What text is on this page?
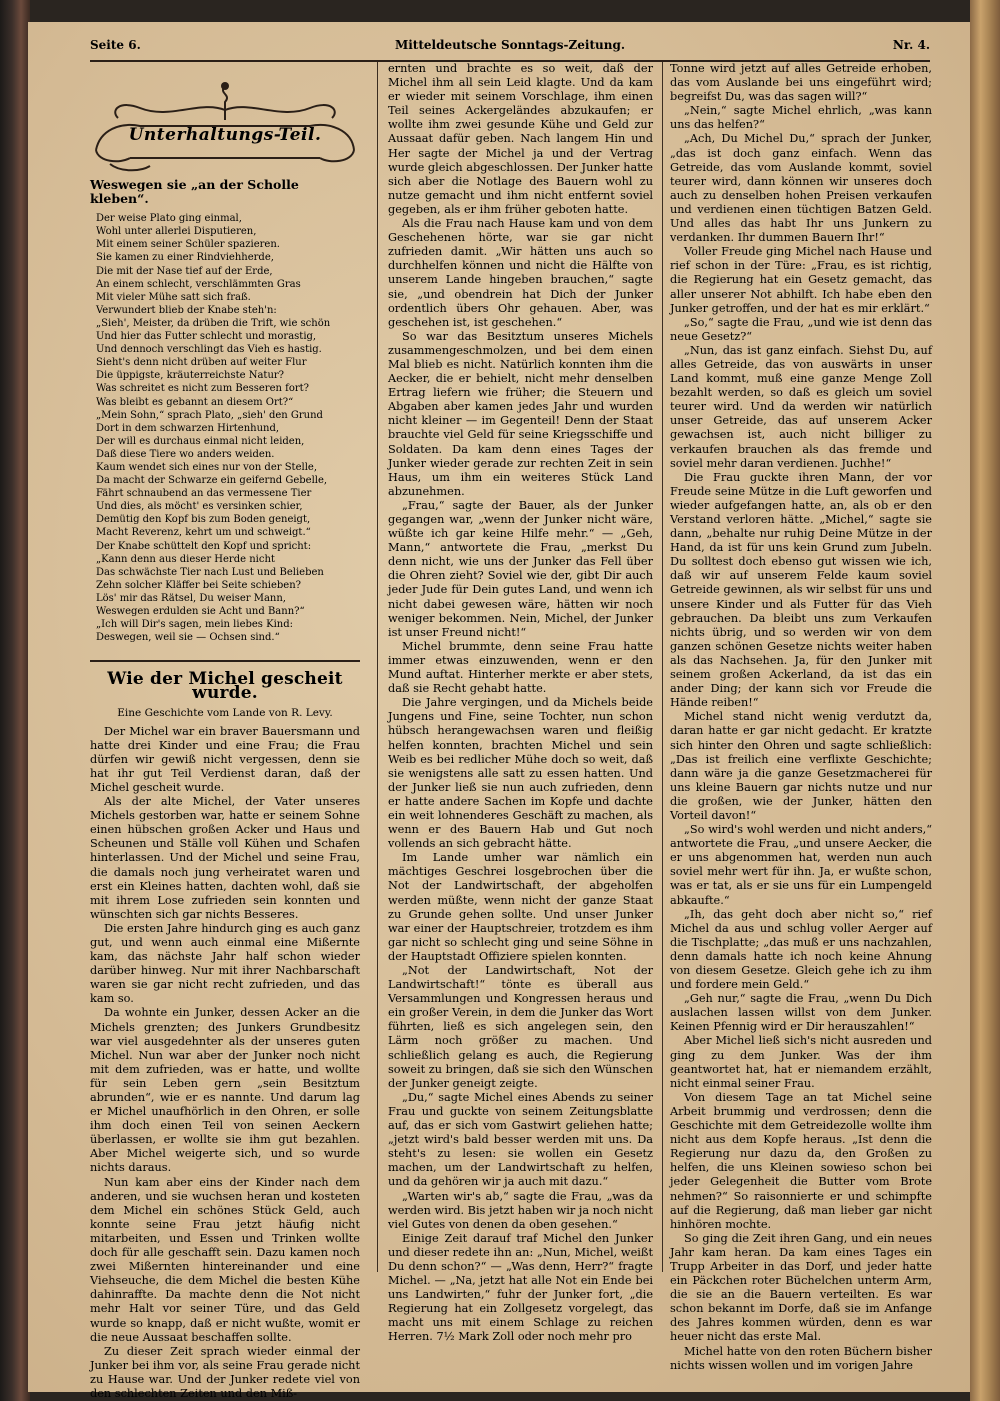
Seite 6.	Mitteldeutsche Sonntags-Zeitung.	Nr. 4.
Unterhaltungs-Teil.
Weswegen sie „an der Scholle kleben“.
Der weise Plato ging einmal,
Wohl unter allerlei Disputieren,
Mit einem seiner Schüler spazieren.
Sie kamen zu einer Rindviehherde,
Die mit der Nase tief auf der Erde,
An einem schlecht, verschlämmten Gras
Mit vieler Mühe satt sich fraß.
Verwundert blieb der Knabe steh'n:
„Sieh', Meister, da drüben die Trift, wie schön
Und hier das Futter schlecht und morastig,
Und dennoch verschlingt das Vieh es hastig.
Sieht's denn nicht drüben auf weiter Flur
Die üppigste, kräuterreichste Natur?
Was schreitet es nicht zum Besseren fort?
Was bleibt es gebannt an diesem Ort?“
„Mein Sohn,“ sprach Plato, „sieh' den Grund
Dort in dem schwarzen Hirtenhund,
Der will es durchaus einmal nicht leiden,
Daß diese Tiere wo anders weiden.
Kaum wendet sich eines nur von der Stelle,
Da macht der Schwarze ein geifernd Gebelle,
Fährt schnaubend an das vermessene Tier
Und dies, als möcht' es versinken schier,
Demütig den Kopf bis zum Boden geneigt,
Macht Reverenz, kehrt um und schweigt.“
Der Knabe schüttelt den Kopf und spricht:
„Kann denn aus dieser Herde nicht
Das schwächste Tier nach Lust und Belieben
Zehn solcher Kläffer bei Seite schieben?
Lös' mir das Rätsel, Du weiser Mann,
Weswegen erdulden sie Acht und Bann?“
„Ich will Dir's sagen, mein liebes Kind:
Deswegen, weil sie — Ochsen sind.“
Wie der Michel gescheit wurde.
Eine Geschichte vom Lande von R. Levy.

Der Michel war ein braver Bauersmann und hatte drei Kinder und eine Frau; die Frau dürfen wir gewiß nicht vergessen, denn sie hat ihr gut Teil Verdienst daran, daß der Michel gescheit wurde.

Als der alte Michel, der Vater unseres Michels gestorben war, hatte er seinem Sohne einen hübschen großen Acker und Haus und Scheunen und Ställe voll Kühen und Schafen hinterlassen. Und der Michel und seine Frau, die damals noch jung verheiratet waren und erst ein Kleines hatten, dachten wohl, daß sie mit ihrem Lose zufrieden sein konnten und wünschten sich gar nichts Besseres.

Die ersten Jahre hindurch ging es auch ganz gut, und wenn auch einmal eine Mißernte kam, das nächste Jahr half schon wieder darüber hinweg. Nur mit ihrer Nachbarschaft waren sie gar nicht recht zufrieden, und das kam so.

Da wohnte ein Junker, dessen Acker an die Michels grenzten; des Junkers Grundbesitz war viel ausgedehnter als der unseres guten Michel. Nun war aber der Junker noch nicht mit dem zufrieden, was er hatte, und wollte für sein Leben gern „sein Besitztum abrunden“, wie er es nannte. Und darum lag er Michel unaufhörlich in den Ohren, er solle ihm doch einen Teil von seinen Aeckern überlassen, er wollte sie ihm gut bezahlen. Aber Michel weigerte sich, und so wurde nichts daraus.

Nun kam aber eins der Kinder nach dem anderen, und sie wuchsen heran und kosteten dem Michel ein schönes Stück Geld, auch konnte seine Frau jetzt häufig nicht mitarbeiten, und Essen und Trinken wollte doch für alle geschafft sein. Dazu kamen noch zwei Mißernten hintereinander und eine Viehseuche, die dem Michel die besten Kühe dahinraffte. Da machte denn die Not nicht mehr Halt vor seiner Türe, und das Geld wurde so knapp, daß er nicht wußte, womit er die neue Aussaat beschaffen sollte.

Zu dieser Zeit sprach wieder einmal der Junker bei ihm vor, als seine Frau gerade nicht zu Hause war. Und der Junker redete viel von den schlechten Zeiten und den Miß-

ernten und brachte es so weit, daß der Michel ihm all sein Leid klagte. Und da kam er wieder mit seinem Vorschlage, ihm einen Teil seines Ackergeländes abzukaufen; er wollte ihm zwei gesunde Kühe und Geld zur Aussaat dafür geben. Nach langem Hin und Her sagte der Michel ja und der Vertrag wurde gleich abgeschlossen. Der Junker hatte sich aber die Notlage des Bauern wohl zu nutze gemacht und ihm nicht entfernt soviel gegeben, als er ihm früher geboten hatte.

Als die Frau nach Hause kam und von dem Geschehenen hörte, war sie gar nicht zufrieden damit. „Wir hätten uns auch so durchhelfen können und nicht die Hälfte von unserem Lande hingeben brauchen,“ sagte sie, „und obendrein hat Dich der Junker ordentlich übers Ohr gehauen. Aber, was geschehen ist, ist geschehen.“

So war das Besitztum unseres Michels zusammengeschmolzen, und bei dem einen Mal blieb es nicht. Natürlich konnten ihm die Aecker, die er behielt, nicht mehr denselben Ertrag liefern wie früher; die Steuern und Abgaben aber kamen jedes Jahr und wurden nicht kleiner — im Gegenteil! Denn der Staat brauchte viel Geld für seine Kriegsschiffe und Soldaten. Da kam denn eines Tages der Junker wieder gerade zur rechten Zeit in sein Haus, um ihm ein weiteres Stück Land abzunehmen.

„Frau,“ sagte der Bauer, als der Junker gegangen war, „wenn der Junker nicht wäre, wüßte ich gar keine Hilfe mehr.“ — „Geh, Mann,“ antwortete die Frau, „merkst Du denn nicht, wie uns der Junker das Fell über die Ohren zieht? Soviel wie der, gibt Dir auch jeder Jude für Dein gutes Land, und wenn ich nicht dabei gewesen wäre, hätten wir noch weniger bekommen. Nein, Michel, der Junker ist unser Freund nicht!“

Michel brummte, denn seine Frau hatte immer etwas einzuwenden, wenn er den Mund auftat. Hinterher merkte er aber stets, daß sie Recht gehabt hatte.

Die Jahre vergingen, und da Michels beide Jungens und Fine, seine Tochter, nun schon hübsch herangewachsen waren und fleißig helfen konnten, brachten Michel und sein Weib es bei redlicher Mühe doch so weit, daß sie wenigstens alle satt zu essen hatten. Und der Junker ließ sie nun auch zufrieden, denn er hatte andere Sachen im Kopfe und dachte ein weit lohnenderes Geschäft zu machen, als wenn er des Bauern Hab und Gut noch vollends an sich gebracht hätte.

Im Lande umher war nämlich ein mächtiges Geschrei losgebrochen über die Not der Landwirtschaft, der abgeholfen werden müßte, wenn nicht der ganze Staat zu Grunde gehen sollte. Und unser Junker war einer der Hauptschreier, trotzdem es ihm gar nicht so schlecht ging und seine Söhne in der Hauptstadt Offiziere spielen konnten.

„Not der Landwirtschaft, Not der Landwirtschaft!“ tönte es überall aus Versammlungen und Kongressen heraus und ein großer Verein, in dem die Junker das Wort führten, ließ es sich angelegen sein, den Lärm noch größer zu machen. Und schließlich gelang es auch, die Regierung soweit zu bringen, daß sie sich den Wünschen der Junker geneigt zeigte.

„Du,“ sagte Michel eines Abends zu seiner Frau und guckte von seinem Zeitungsblatte auf, das er sich vom Gastwirt geliehen hatte; „jetzt wird's bald besser werden mit uns. Da steht's zu lesen: sie wollen ein Gesetz machen, um der Landwirtschaft zu helfen, und da gehören wir ja auch mit dazu.“

„Warten wir's ab,“ sagte die Frau, „was da werden wird. Bis jetzt haben wir ja noch nicht viel Gutes von denen da oben gesehen.“

Einige Zeit darauf traf Michel den Junker und dieser redete ihn an: „Nun, Michel, weißt Du denn schon?“ — „Was denn, Herr?“ fragte Michel. — „Na, jetzt hat alle Not ein Ende bei uns Landwirten,“ fuhr der Junker fort, „die Regierung hat ein Zollgesetz vorgelegt, das macht uns mit einem Schlage zu reichen Herren. 7½ Mark Zoll oder noch mehr pro

Tonne wird jetzt auf alles Getreide erhoben, das vom Auslande bei uns eingeführt wird; begreifst Du, was das sagen will?“

„Nein,“ sagte Michel ehrlich, „was kann uns das helfen?“

„Ach, Du Michel Du,“ sprach der Junker, „das ist doch ganz einfach. Wenn das Getreide, das vom Auslande kommt, soviel teurer wird, dann können wir unseres doch auch zu denselben hohen Preisen verkaufen und verdienen einen tüchtigen Batzen Geld. Und alles das habt Ihr uns Junkern zu verdanken. Ihr dummen Bauern Ihr!“

Voller Freude ging Michel nach Hause und rief schon in der Türe: „Frau, es ist richtig, die Regierung hat ein Gesetz gemacht, das aller unserer Not abhilft. Ich habe eben den Junker getroffen, und der hat es mir erklärt.“

„So,“ sagte die Frau, „und wie ist denn das neue Gesetz?“

„Nun, das ist ganz einfach. Siehst Du, auf alles Getreide, das von auswärts in unser Land kommt, muß eine ganze Menge Zoll bezahlt werden, so daß es gleich um soviel teurer wird. Und da werden wir natürlich unser Getreide, das auf unserem Acker gewachsen ist, auch nicht billiger zu verkaufen brauchen als das fremde und soviel mehr daran verdienen. Juchhe!“

Die Frau guckte ihren Mann, der vor Freude seine Mütze in die Luft geworfen und wieder aufgefangen hatte, an, als ob er den Verstand verloren hätte. „Michel,“ sagte sie dann, „behalte nur ruhig Deine Mütze in der Hand, da ist für uns kein Grund zum Jubeln. Du solltest doch ebenso gut wissen wie ich, daß wir auf unserem Felde kaum soviel Getreide gewinnen, als wir selbst für uns und unsere Kinder und als Futter für das Vieh gebrauchen. Da bleibt uns zum Verkaufen nichts übrig, und so werden wir von dem ganzen schönen Gesetze nichts weiter haben als das Nachsehen. Ja, für den Junker mit seinem großen Ackerland, da ist das ein ander Ding; der kann sich vor Freude die Hände reiben!“

Michel stand nicht wenig verdutzt da, daran hatte er gar nicht gedacht. Er kratzte sich hinter den Ohren und sagte schließlich: „Das ist freilich eine verflixte Geschichte; dann wäre ja die ganze Gesetzmacherei für uns kleine Bauern gar nichts nutze und nur die großen, wie der Junker, hätten den Vorteil davon!“

„So wird's wohl werden und nicht anders,“ antwortete die Frau, „und unsere Aecker, die er uns abgenommen hat, werden nun auch soviel mehr wert für ihn. Ja, er wußte schon, was er tat, als er sie uns für ein Lumpengeld abkaufte.“

„Ih, das geht doch aber nicht so,“ rief Michel da aus und schlug voller Aerger auf die Tischplatte; „das muß er uns nachzahlen, denn damals hatte ich noch keine Ahnung von diesem Gesetze. Gleich gehe ich zu ihm und fordere mein Geld.“

„Geh nur,“ sagte die Frau, „wenn Du Dich auslachen lassen willst von dem Junker. Keinen Pfennig wird er Dir herauszahlen!“

Aber Michel ließ sich's nicht ausreden und ging zu dem Junker. Was der ihm geantwortet hat, hat er niemandem erzählt, nicht einmal seiner Frau.

Von diesem Tage an tat Michel seine Arbeit brummig und verdrossen; denn die Geschichte mit dem Getreidezolle wollte ihm nicht aus dem Kopfe heraus. „Ist denn die Regierung nur dazu da, den Großen zu helfen, die uns Kleinen sowieso schon bei jeder Gelegenheit die Butter vom Brote nehmen?“ So raisonnierte er und schimpfte auf die Regierung, daß man lieber gar nicht hinhören mochte.

So ging die Zeit ihren Gang, und ein neues Jahr kam heran. Da kam eines Tages ein Trupp Arbeiter in das Dorf, und jeder hatte ein Päckchen roter Büchelchen unterm Arm, die sie an die Bauern verteilten. Es war schon bekannt im Dorfe, daß sie im Anfange des Jahres kommen würden, denn es war heuer nicht das erste Mal.

Michel hatte von den roten Büchern bisher nichts wissen wollen und im vorigen Jahre
